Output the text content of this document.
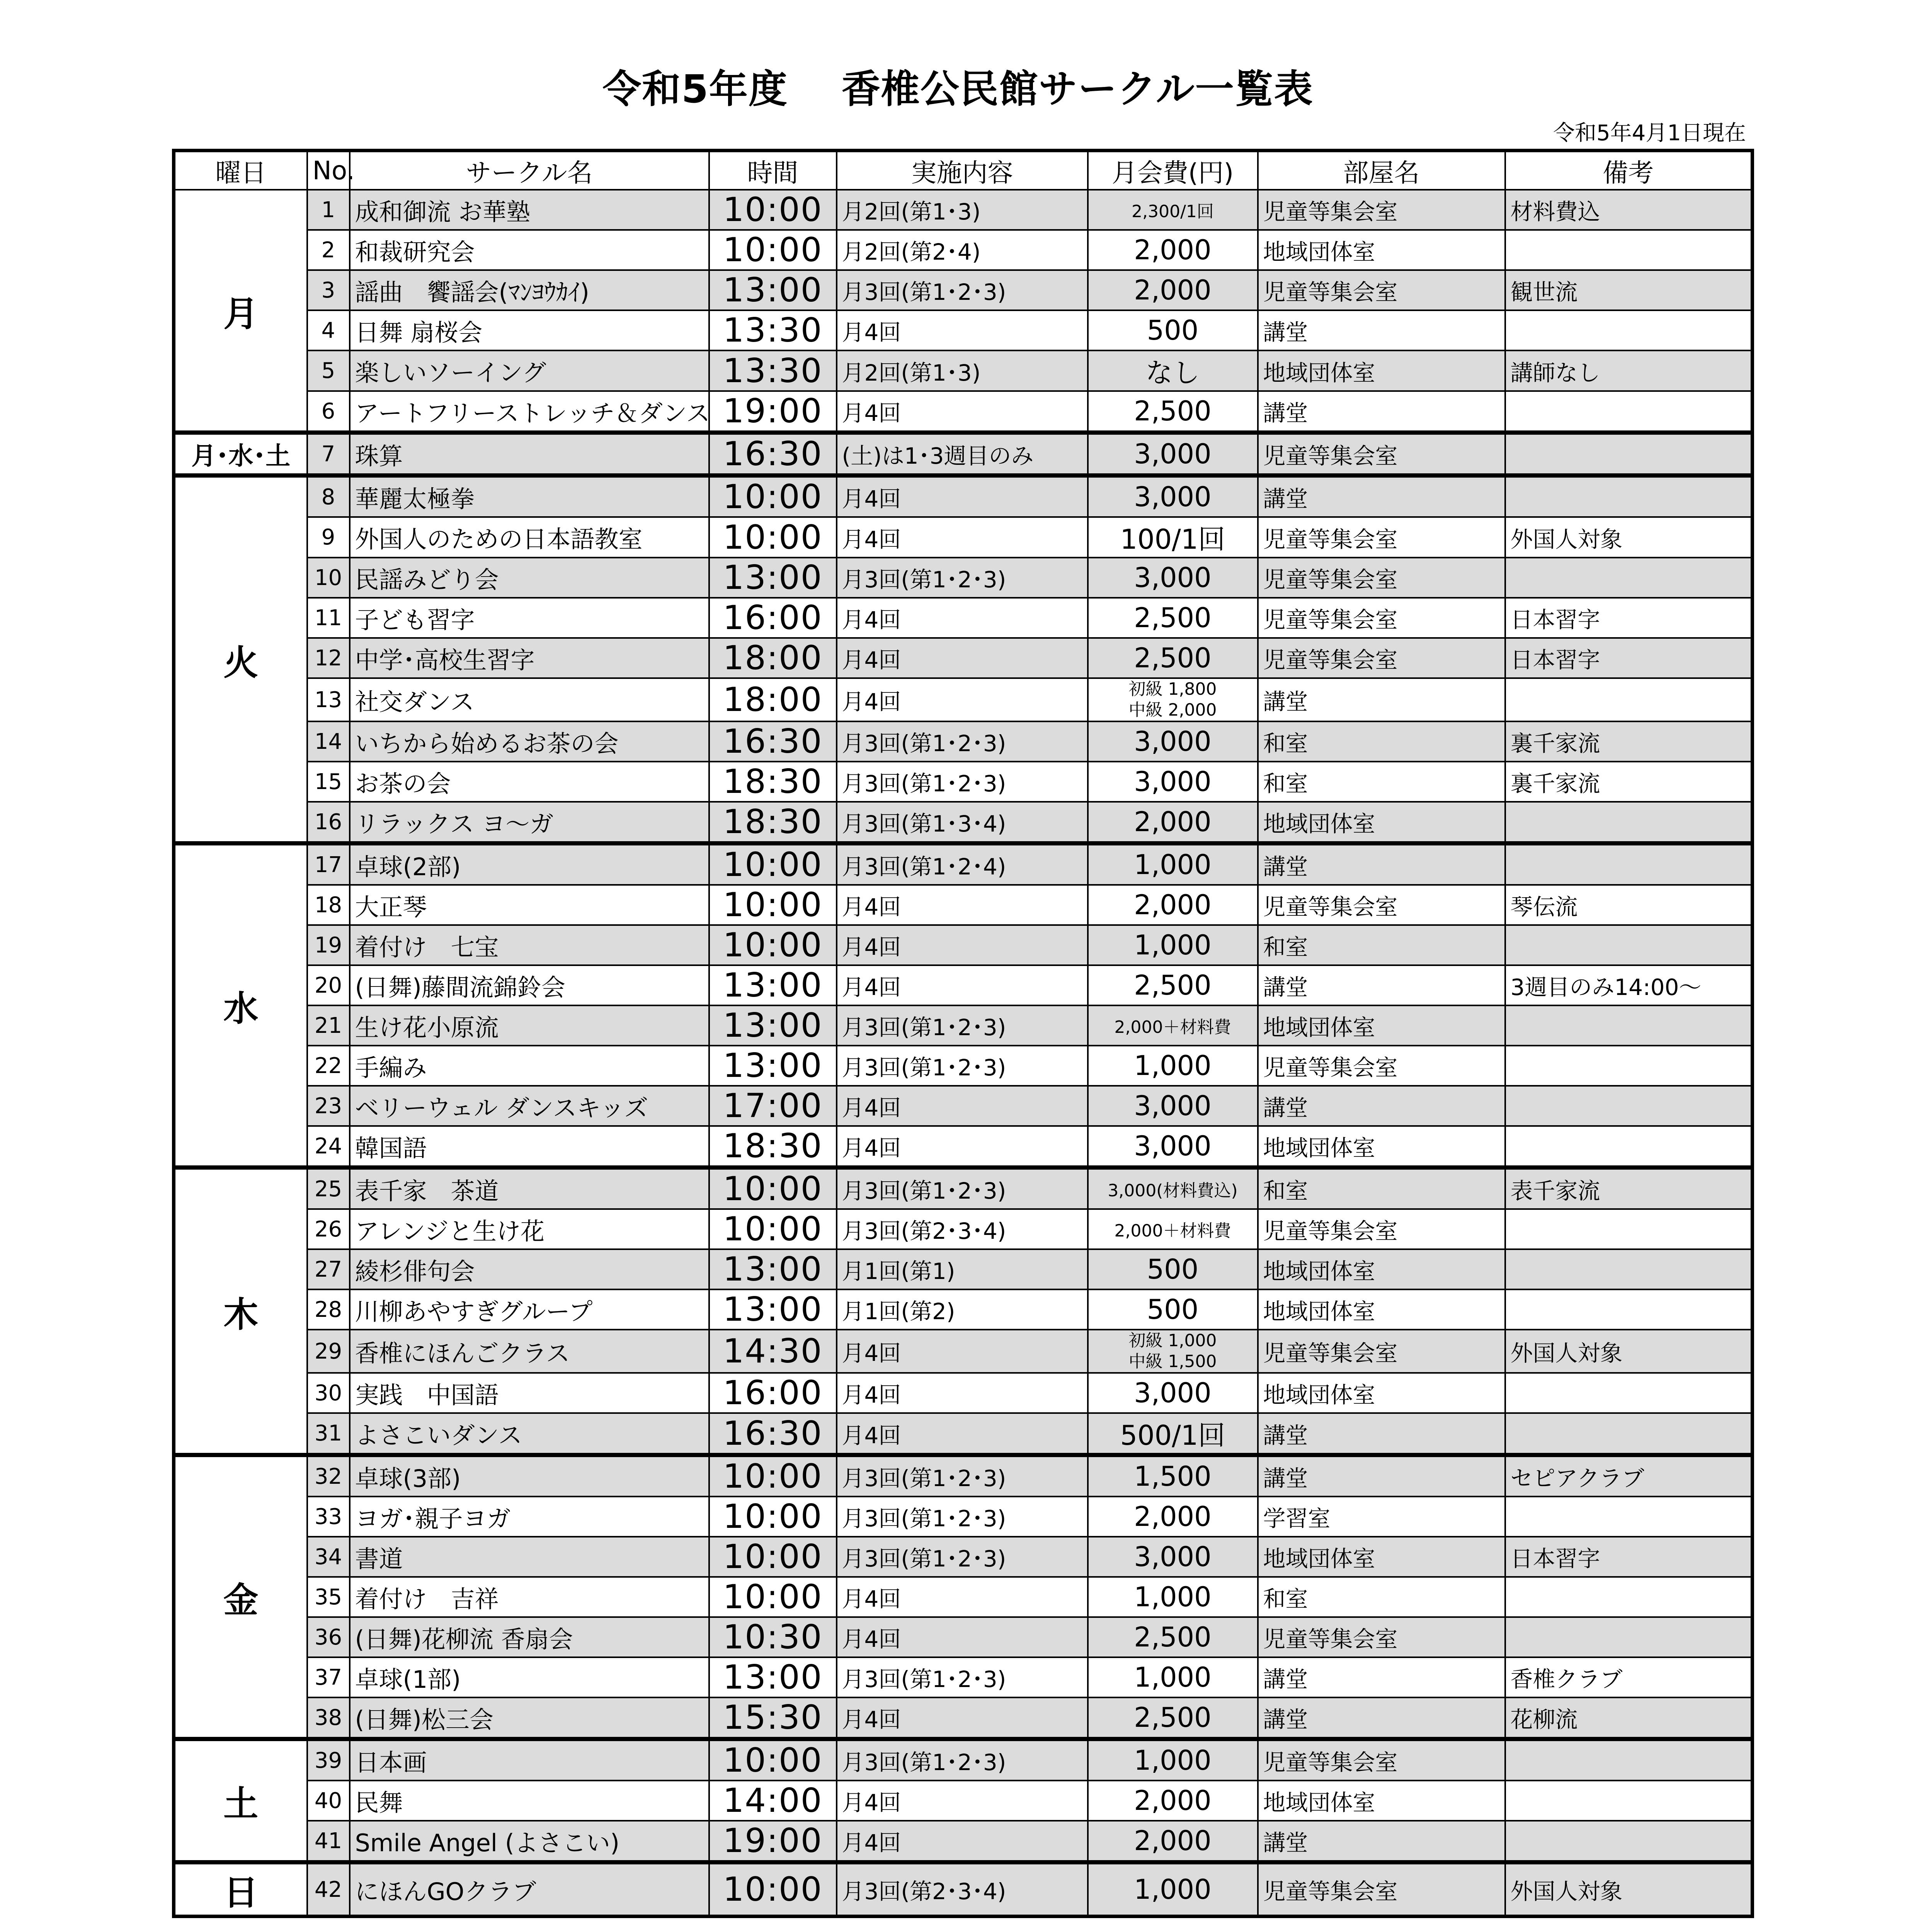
令和5年度　 香椎公民館サークル一覧表
令和5年4月1日現在
曜日	No.	サークル名	時間	実施内容	月会費(円)	部屋名	備考
月	1	成和御流 お華塾	10:00	月2回(第1･3)	2,300/1回	児童等集会室	材料費込
	2	和裁研究会	10:00	月2回(第2･4)	2,000	地域団体室	
	3	謡曲　饗謡会(ﾏﾝﾖｳｶｲ)	13:00	月3回(第1･2･3)	2,000	児童等集会室	観世流
	4	日舞 扇桜会	13:30	月4回	500	講堂	
	5	楽しいソーイング	13:30	月2回(第1･3)	なし	地域団体室	講師なし
	6	アートフリーストレッチ＆ダンス	19:00	月4回	2,500	講堂	
月･水･土	7	珠算	16:30	(土)は1･3週目のみ	3,000	児童等集会室	
火	8	華麗太極拳	10:00	月4回	3,000	講堂	
	9	外国人のための日本語教室	10:00	月4回	100/1回	児童等集会室	外国人対象
	10	民謡みどり会	13:00	月3回(第1･2･3)	3,000	児童等集会室	
	11	子ども習字	16:00	月4回	2,500	児童等集会室	日本習字
	12	中学･高校生習字	18:00	月4回	2,500	児童等集会室	日本習字
	13	社交ダンス	18:00	月4回	初級 1,800
中級 2,000	講堂	
	14	いちから始めるお茶の会	16:30	月3回(第1･2･3)	3,000	和室	裏千家流
	15	お茶の会	18:30	月3回(第1･2･3)	3,000	和室	裏千家流
	16	リラックス ヨ～ガ	18:30	月3回(第1･3･4)	2,000	地域団体室	
水	17	卓球(2部)	10:00	月3回(第1･2･4)	1,000	講堂	
	18	大正琴	10:00	月4回	2,000	児童等集会室	琴伝流
	19	着付け　七宝	10:00	月4回	1,000	和室	
	20	(日舞)藤間流錦鈴会	13:00	月4回	2,500	講堂	3週目のみ14:00～
	21	生け花小原流	13:00	月3回(第1･2･3)	2,000＋材料費	地域団体室	
	22	手編み	13:00	月3回(第1･2･3)	1,000	児童等集会室	
	23	ベリーウェル ダンスキッズ	17:00	月4回	3,000	講堂	
	24	韓国語	18:30	月4回	3,000	地域団体室	
木	25	表千家　茶道	10:00	月3回(第1･2･3)	3,000(材料費込)	和室	表千家流
	26	アレンジと生け花	10:00	月3回(第2･3･4)	2,000＋材料費	児童等集会室	
	27	綾杉俳句会	13:00	月1回(第1)	500	地域団体室	
	28	川柳あやすぎグループ	13:00	月1回(第2)	500	地域団体室	
	29	香椎にほんごクラス	14:30	月4回	初級 1,000
中級 1,500	児童等集会室	外国人対象
	30	実践　中国語	16:00	月4回	3,000	地域団体室	
	31	よさこいダンス	16:30	月4回	500/1回	講堂	
金	32	卓球(3部)	10:00	月3回(第1･2･3)	1,500	講堂	セピアクラブ
	33	ヨガ･親子ヨガ	10:00	月3回(第1･2･3)	2,000	学習室	
	34	書道	10:00	月3回(第1･2･3)	3,000	地域団体室	日本習字
	35	着付け　吉祥	10:00	月4回	1,000	和室	
	36	(日舞)花柳流 香扇会	10:30	月4回	2,500	児童等集会室	
	37	卓球(1部)	13:00	月3回(第1･2･3)	1,000	講堂	香椎クラブ
	38	(日舞)松三会	15:30	月4回	2,500	講堂	花柳流
土	39	日本画	10:00	月3回(第1･2･3)	1,000	児童等集会室	
	40	民舞	14:00	月4回	2,000	地域団体室	
	41	Smile Angel (よさこい)	19:00	月4回	2,000	講堂	
日	42	にほんGOクラブ	10:00	月3回(第2･3･4)	1,000	児童等集会室	外国人対象
